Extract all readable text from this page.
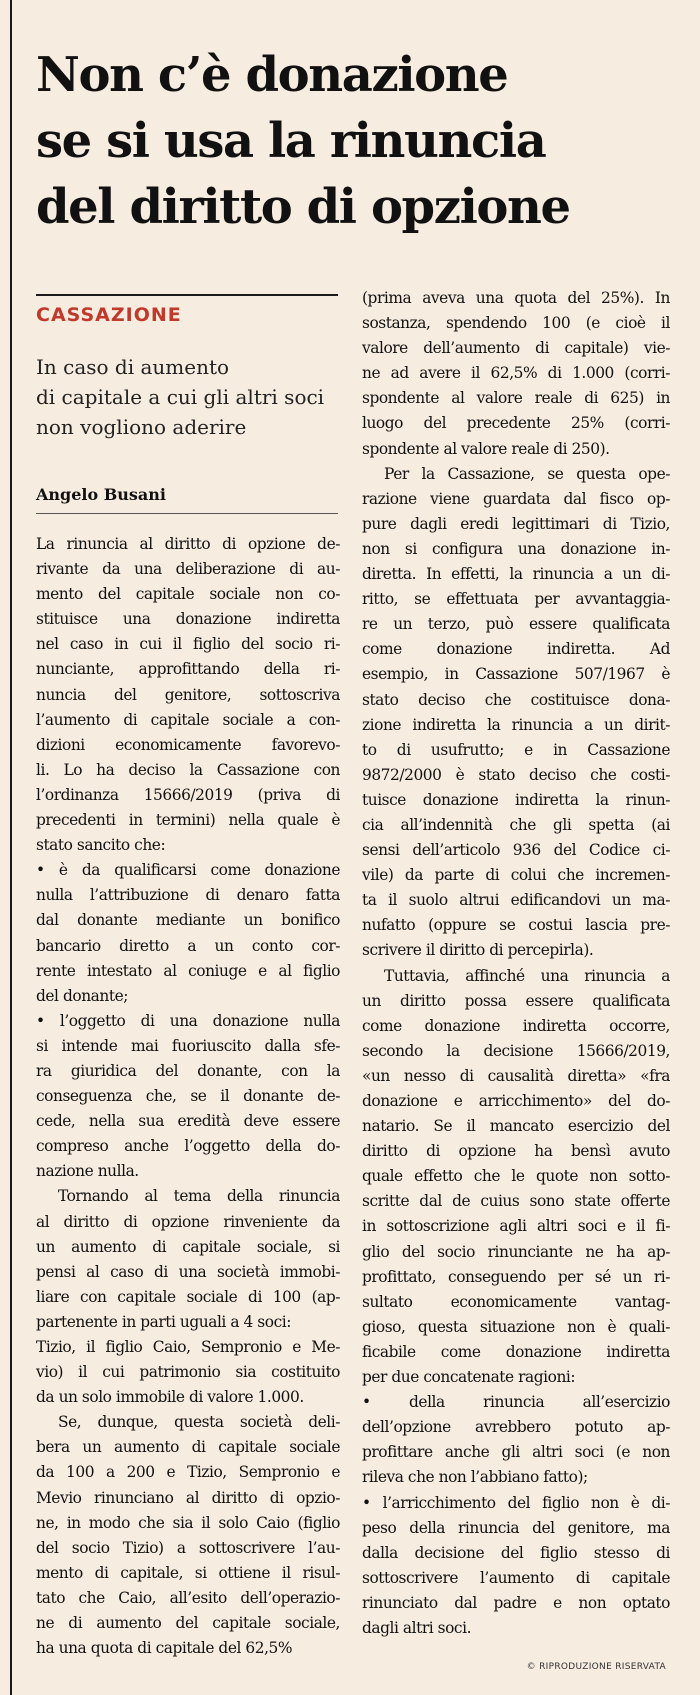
Non c’è donazione
se si usa la rinuncia
del diritto di opzione
CASSAZIONE
In caso di aumento
di capitale a cui gli altri soci
non vogliono aderire
Angelo Busani
La rinuncia al diritto di opzione de-
rivante da una deliberazione di au-
mento del capitale sociale non co-
stituisce una donazione indiretta
nel caso in cui il figlio del socio ri-
nunciante, approfittando della ri-
nuncia del genitore, sottoscriva
l’aumento di capitale sociale a con-
dizioni economicamente favorevo-
li. Lo ha deciso la Cassazione con
l’ordinanza 15666/2019 (priva di
precedenti in termini) nella quale è
stato sancito che:
• è da qualificarsi come donazione
nulla l’attribuzione di denaro fatta
dal donante mediante un bonifico
bancario diretto a un conto cor-
rente intestato al coniuge e al figlio
del donante;
• l’oggetto di una donazione nulla
si intende mai fuoriuscito dalla sfe-
ra giuridica del donante, con la
conseguenza che, se il donante de-
cede, nella sua eredità deve essere
compreso anche l’oggetto della do-
nazione nulla.
Tornando al tema della rinuncia
al diritto di opzione rinveniente da
un aumento di capitale sociale, si
pensi al caso di una società immobi-
liare con capitale sociale di 100 (ap-
partenente in parti uguali a 4 soci:
Tizio, il figlio Caio, Sempronio e Me-
vio) il cui patrimonio sia costituito
da un solo immobile di valore 1.000.
Se, dunque, questa società deli-
bera un aumento di capitale sociale
da 100 a 200 e Tizio, Sempronio e
Mevio rinunciano al diritto di opzio-
ne, in modo che sia il solo Caio (figlio
del socio Tizio) a sottoscrivere l’au-
mento di capitale, si ottiene il risul-
tato che Caio, all’esito dell’operazio-
ne di aumento del capitale sociale,
ha una quota di capitale del 62,5%
(prima aveva una quota del 25%). In
sostanza, spendendo 100 (e cioè il
valore dell’aumento di capitale) vie-
ne ad avere il 62,5% di 1.000 (corri-
spondente al valore reale di 625) in
luogo del precedente 25% (corri-
spondente al valore reale di 250).
Per la Cassazione, se questa ope-
razione viene guardata dal fisco op-
pure dagli eredi legittimari di Tizio,
non si configura una donazione in-
diretta. In effetti, la rinuncia a un di-
ritto, se effettuata per avvantaggia-
re un terzo, può essere qualificata
come donazione indiretta. Ad
esempio, in Cassazione 507/1967 è
stato deciso che costituisce dona-
zione indiretta la rinuncia a un dirit-
to di usufrutto; e in Cassazione
9872/2000 è stato deciso che costi-
tuisce donazione indiretta la rinun-
cia all’indennità che gli spetta (ai
sensi dell’articolo 936 del Codice ci-
vile) da parte di colui che incremen-
ta il suolo altrui edificandovi un ma-
nufatto (oppure se costui lascia pre-
scrivere il diritto di percepirla).
Tuttavia, affinché una rinuncia a
un diritto possa essere qualificata
come donazione indiretta occorre,
secondo la decisione 15666/2019,
«un nesso di causalità diretta» «fra
donazione e arricchimento» del do-
natario. Se il mancato esercizio del
diritto di opzione ha bensì avuto
quale effetto che le quote non sotto-
scritte dal de cuius sono state offerte
in sottoscrizione agli altri soci e il fi-
glio del socio rinunciante ne ha ap-
profittato, conseguendo per sé un ri-
sultato economicamente vantag-
gioso, questa situazione non è quali-
ficabile come donazione indiretta
per due concatenate ragioni:
• della rinuncia all’esercizio
dell’opzione avrebbero potuto ap-
profittare anche gli altri soci (e non
rileva che non l’abbiano fatto);
• l’arricchimento del figlio non è di-
peso della rinuncia del genitore, ma
dalla decisione del figlio stesso di
sottoscrivere l’aumento di capitale
rinunciato dal padre e non optato
dagli altri soci.
© RIPRODUZIONE RISERVATA
